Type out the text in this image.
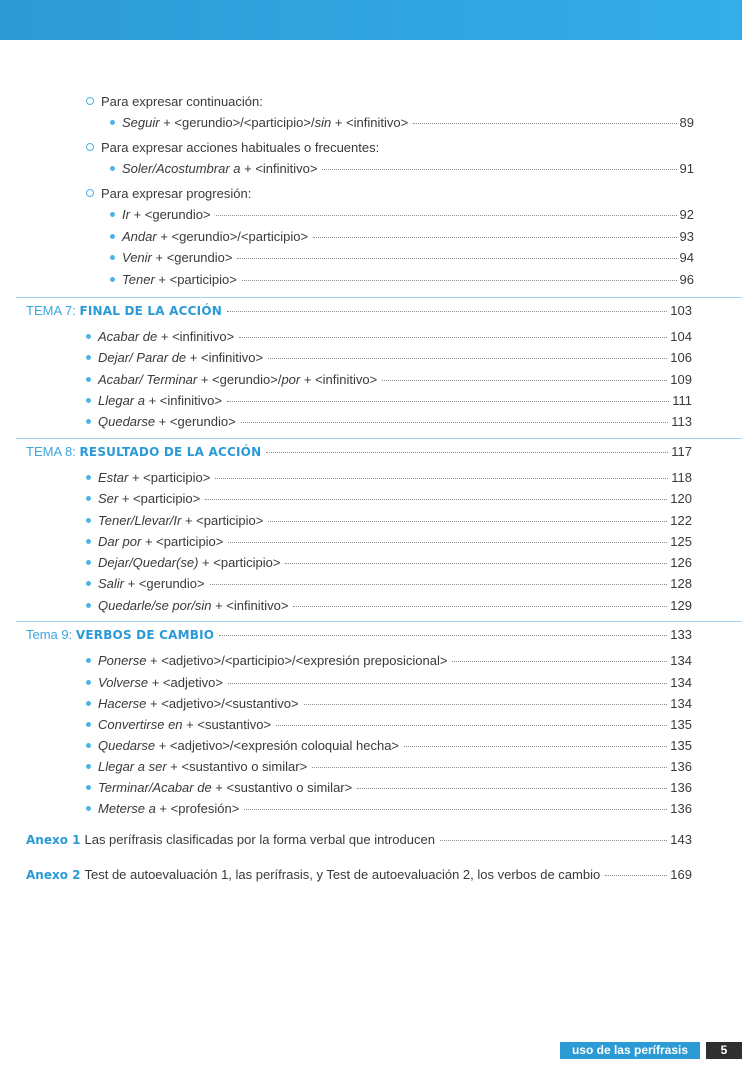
Para expresar continuación:
Seguir + <gerundio>/<participio>/sin + <infinitivo>	89
Para expresar acciones habituales o frecuentes:
Soler/Acostumbrar a + <infinitivo>	91
Para expresar progresión:
Ir + <gerundio>	92
Andar + <gerundio>/<participio>	93
Venir + <gerundio>	94
Tener + <participio>	96
TEMA 7: FINAL DE LA ACCIÓN	103
Acabar de + <infinitivo>	104
Dejar/ Parar de + <infinitivo>	106
Acabar/ Terminar + <gerundio>/por + <infinitivo>	109
Llegar a + <infinitivo>	111
Quedarse + <gerundio>	113
TEMA 8: RESULTADO DE LA ACCIÓN	117
Estar + <participio>	118
Ser + <participio>	120
Tener/Llevar/Ir + <participio>	122
Dar por + <participio>	125
Dejar/Quedar(se) + <participio>	126
Salir + <gerundio>	128
Quedarle/se por/sin + <infinitivo>	129
Tema 9: VERBOS DE CAMBIO	133
Ponerse + <adjetivo>/<participio>/<expresión preposicional>	134
Volverse + <adjetivo>	134
Hacerse + <adjetivo>/<sustantivo>	134
Convertirse en + <sustantivo>	135
Quedarse + <adjetivo>/<expresión coloquial hecha>	135
Llegar a ser + <sustantivo o similar>	136
Terminar/Acabar de + <sustantivo o similar>	136
Meterse a + <profesión>	136
Anexo 1 Las perífrasis clasificadas por la forma verbal que introducen	143
Anexo 2 Test de autoevaluación 1, las perífrasis, y Test de autoevaluación 2, los verbos de cambio	169
uso de las perífrasis	5
